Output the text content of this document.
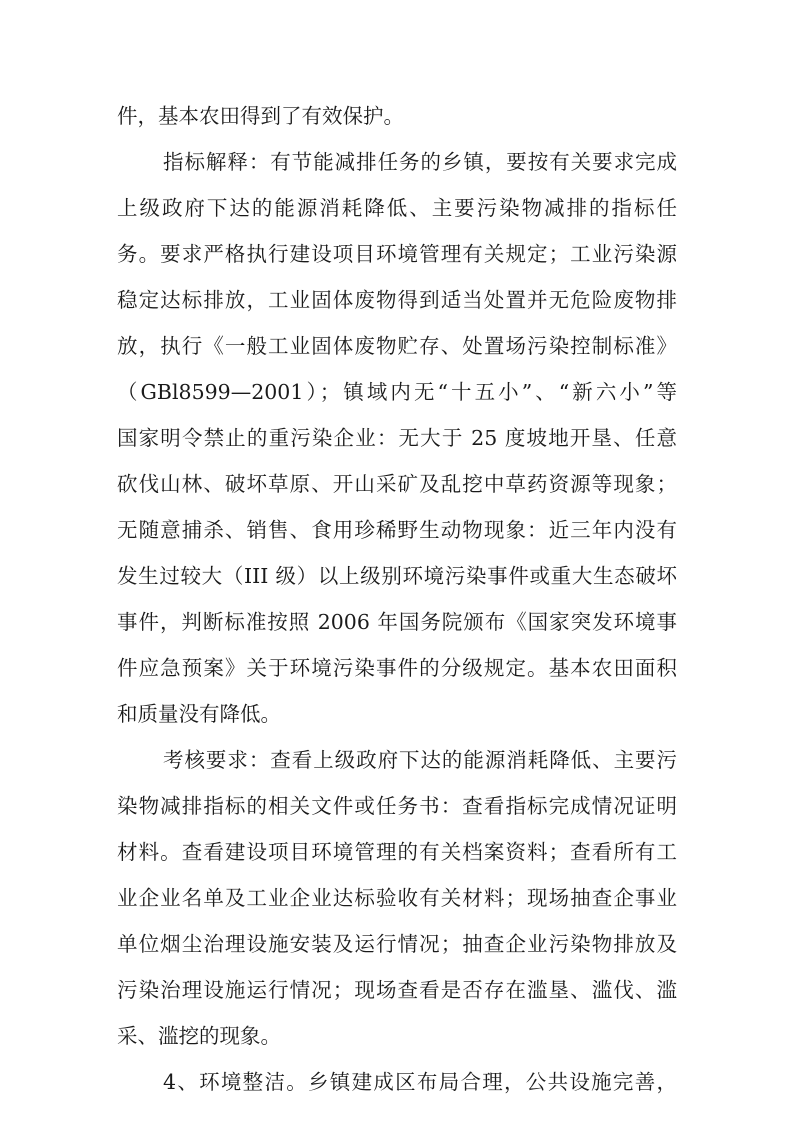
件，基本农田得到了有效保护。
指标解释：有节能减排任务的乡镇，要按有关要求完成
上级政府下达的能源消耗降低、主要污染物减排的指标任
务。要求严格执行建设项目环境管理有关规定；工业污染源
稳定达标排放，工业固体废物得到适当处置并无危险废物排
放，执行《一般工业固体废物贮存、处置场污染控制标准》
（GBl8599—2001）；镇域内无“十五小”、“新六小”等
国家明令禁止的重污染企业：无大于 25 度坡地开垦、任意
砍伐山林、破坏草原、开山采矿及乱挖中草药资源等现象；
无随意捕杀、销售、食用珍稀野生动物现象：近三年内没有
发生过较大（III 级）以上级别环境污染事件或重大生态破坏
事件，判断标准按照 2006 年国务院颁布《国家突发环境事
件应急预案》关于环境污染事件的分级规定。基本农田面积
和质量没有降低。
考核要求：查看上级政府下达的能源消耗降低、主要污
染物减排指标的相关文件或任务书：查看指标完成情况证明
材料。查看建设项目环境管理的有关档案资料；查看所有工
业企业名单及工业企业达标验收有关材料；现场抽查企事业
单位烟尘治理设施安装及运行情况；抽查企业污染物排放及
污染治理设施运行情况；现场查看是否存在滥垦、滥伐、滥
采、滥挖的现象。
4、环境整洁。乡镇建成区布局合理，公共设施完善，
